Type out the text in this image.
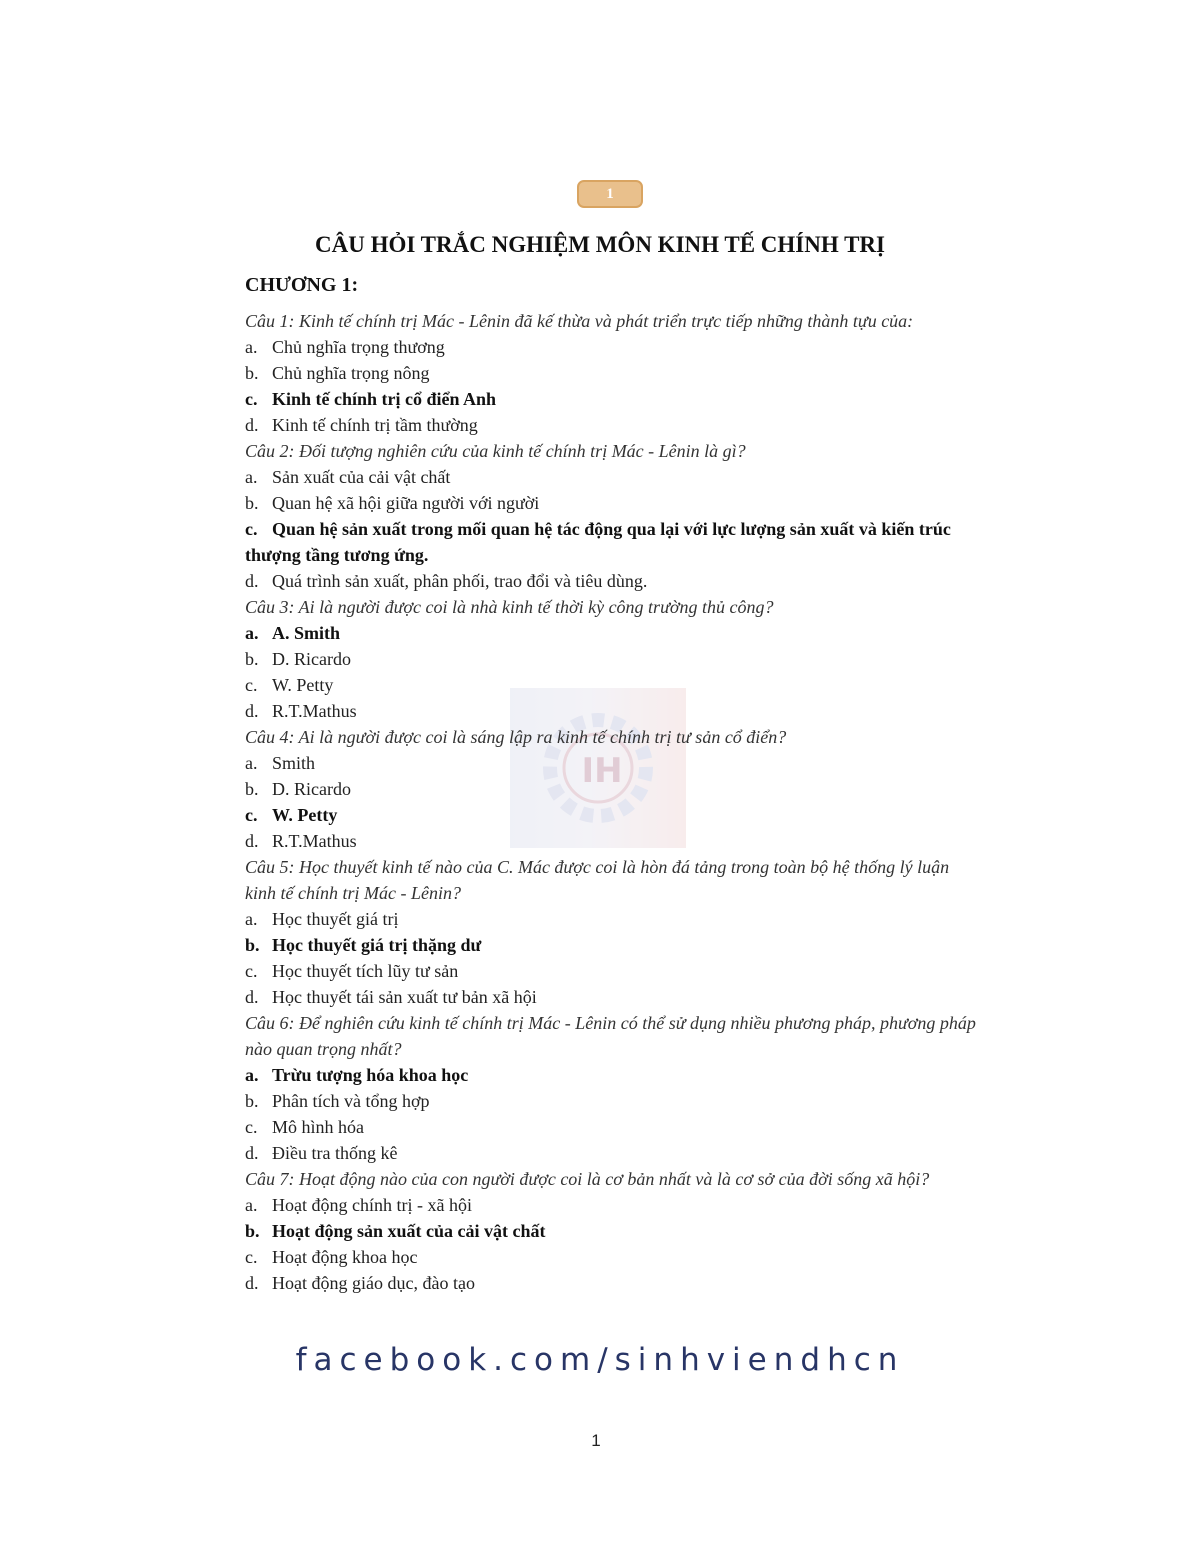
1
IH
CÂU HỎI TRẮC NGHIỆM MÔN KINH TẾ CHÍNH TRỊ
CHƯƠNG 1:
Câu 1: Kinh tế chính trị Mác - Lênin đã kế thừa và phát triển trực tiếp những thành tựu của:
a. Chủ nghĩa trọng thương
b. Chủ nghĩa trọng nông
c. Kinh tế chính trị cổ điển Anh
d. Kinh tế chính trị tầm thường
Câu 2: Đối tượng nghiên cứu của kinh tế chính trị Mác - Lênin là gì?
a. Sản xuất của cải vật chất
b. Quan hệ xã hội giữa người với người
c. Quan hệ sản xuất trong mối quan hệ tác động qua lại với lực lượng sản xuất và kiến trúc thượng tầng tương ứng.
d. Quá trình sản xuất, phân phối, trao đổi và tiêu dùng.
Câu 3: Ai là người được coi là nhà kinh tế thời kỳ công trường thủ công?
a. A. Smith
b. D. Ricardo
c. W. Petty
d. R.T.Mathus
Câu 4: Ai là người được coi là sáng lập ra kinh tế chính trị tư sản cổ điển?
a. Smith
b. D. Ricardo
c. W. Petty
d. R.T.Mathus
Câu 5: Học thuyết kinh tế nào của C. Mác được coi là hòn đá tảng trong toàn bộ hệ thống lý luận kinh tế chính trị Mác - Lênin?
a. Học thuyết giá trị
b. Học thuyết giá trị thặng dư
c. Học thuyết tích lũy tư sản
d. Học thuyết tái sản xuất tư bản xã hội
Câu 6: Để nghiên cứu kinh tế chính trị Mác - Lênin có thể sử dụng nhiều phương pháp, phương pháp nào quan trọng nhất?
a. Trừu tượng hóa khoa học
b. Phân tích và tổng hợp
c. Mô hình hóa
d. Điều tra thống kê
Câu 7: Hoạt động nào của con người được coi là cơ bản nhất và là cơ sở của đời sống xã hội?
a. Hoạt động chính trị - xã hội
b. Hoạt động sản xuất của cải vật chất
c. Hoạt động khoa học
d. Hoạt động giáo dục, đào tạo
facebook.com/sinhviendhcn
1
